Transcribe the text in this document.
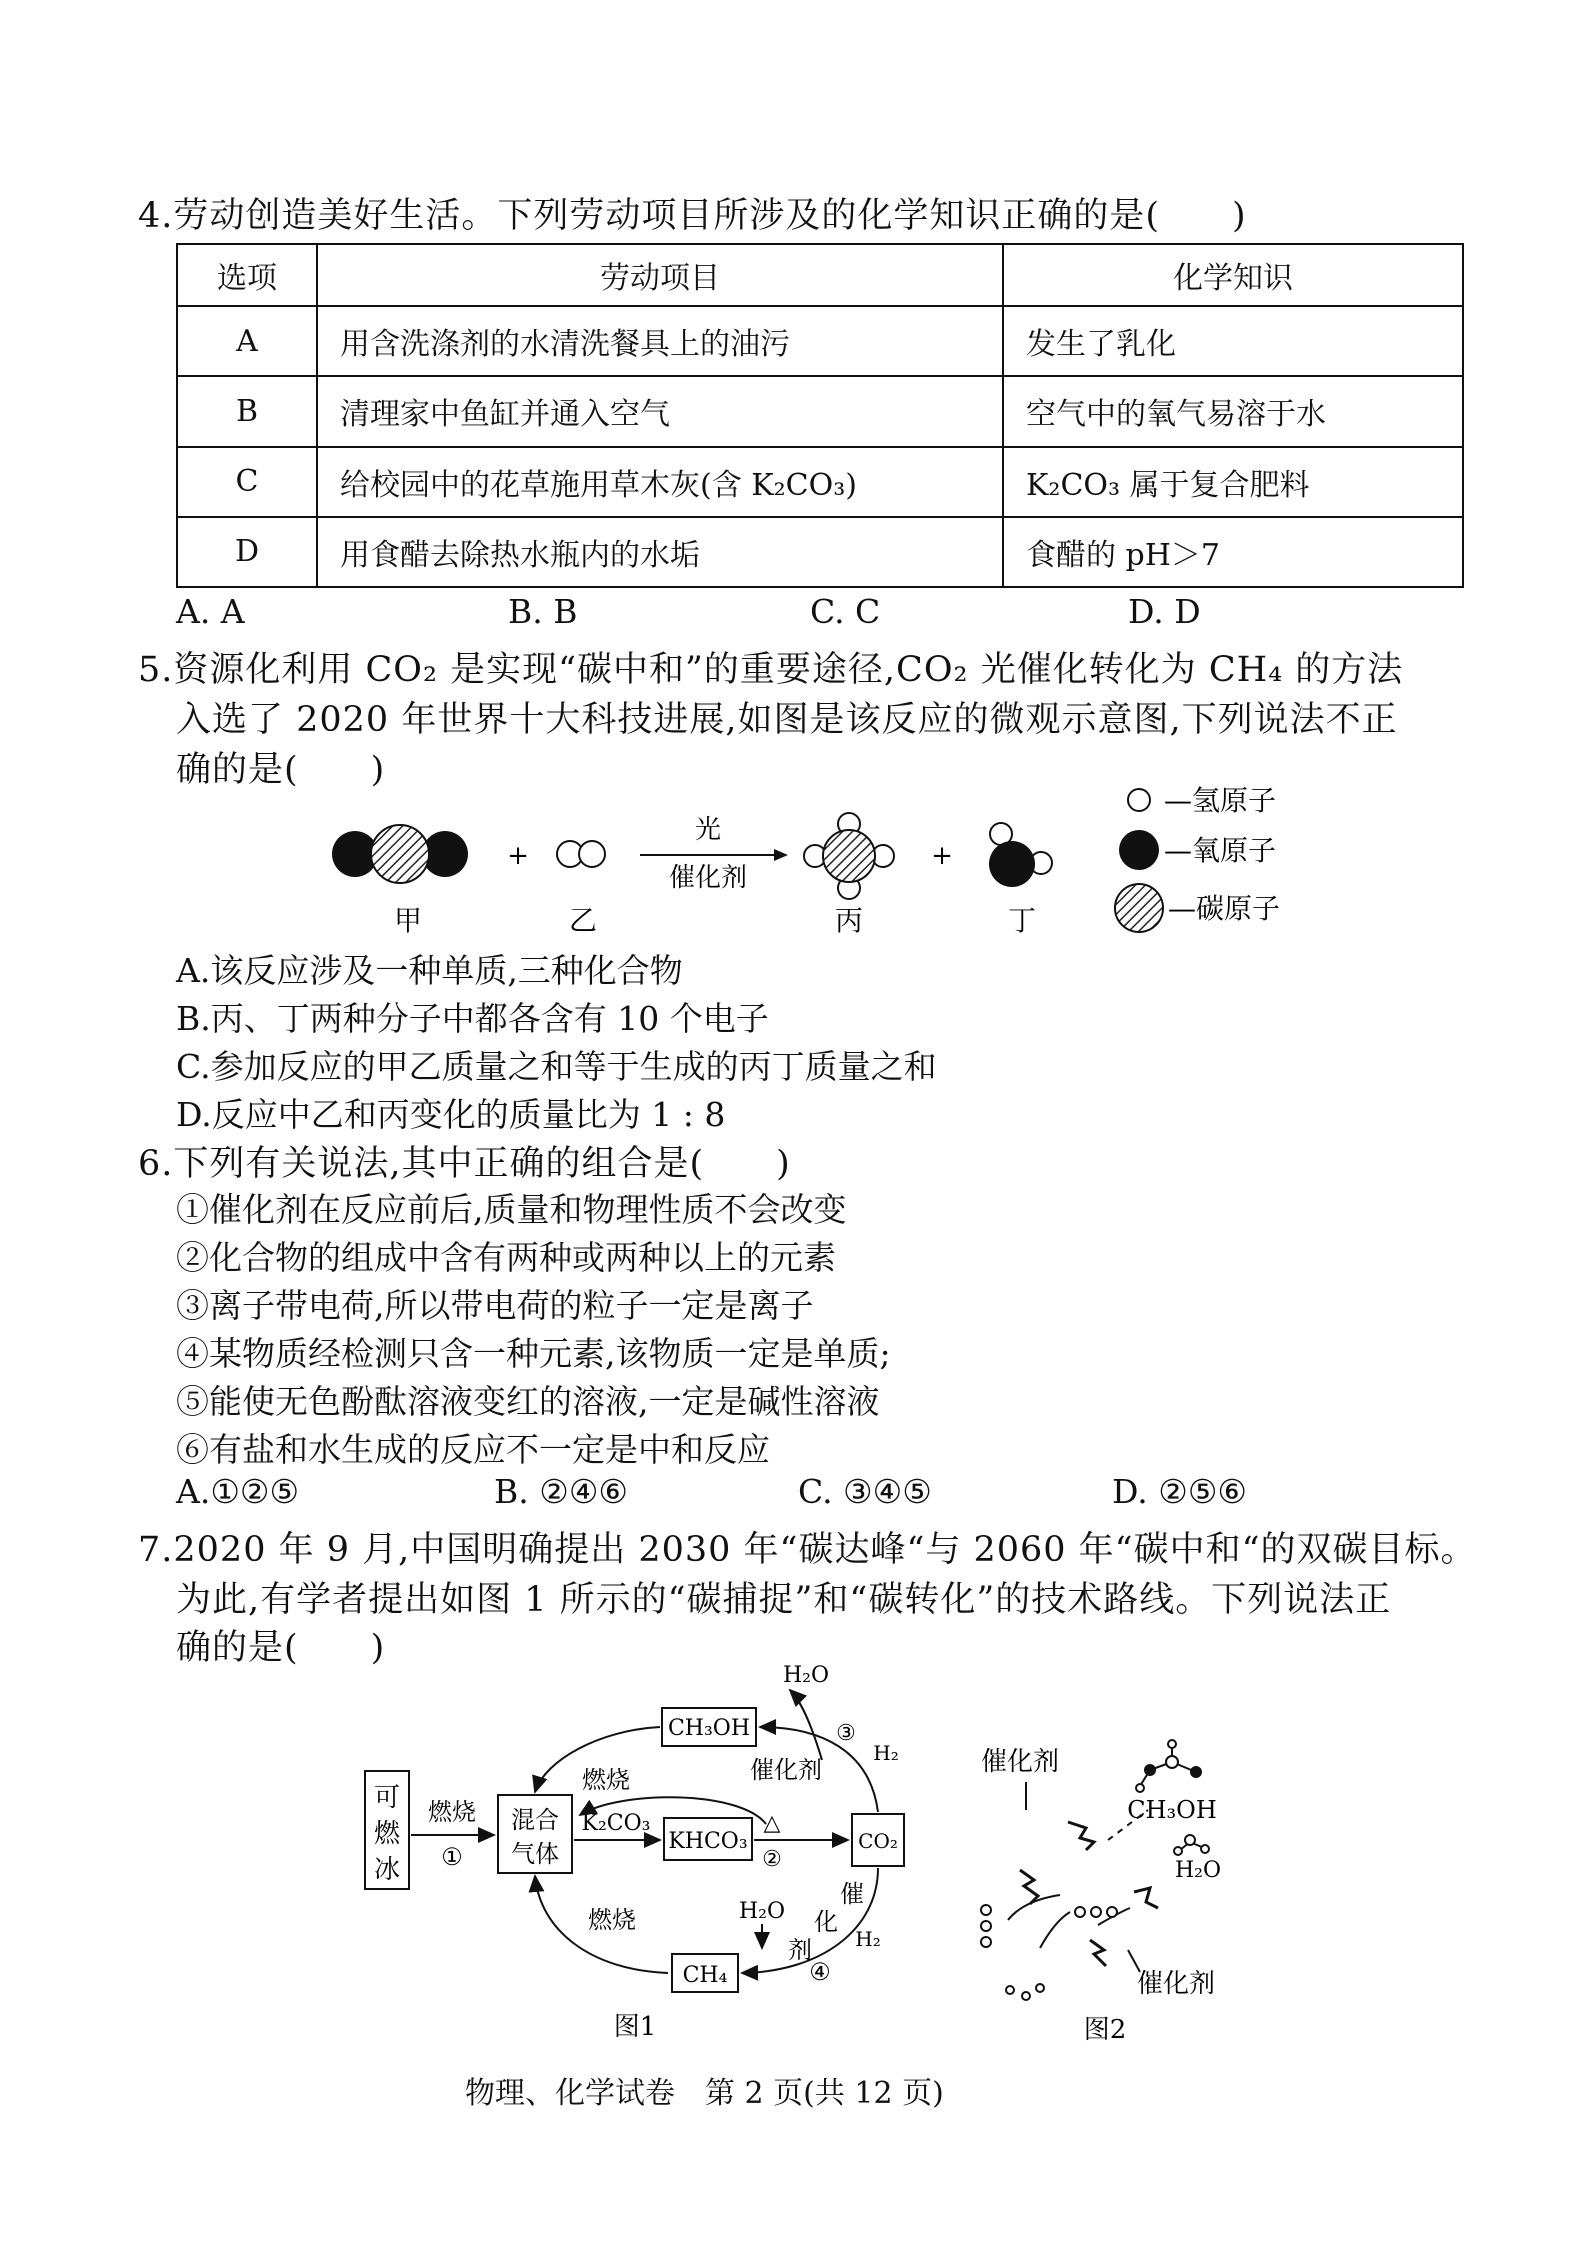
4.劳动创造美好生活。下列劳动项目所涉及的化学知识正确的是(　　)
选项	劳动项目	化学知识
A	用含洗涤剂的水清洗餐具上的油污	发生了乳化
B	清理家中鱼缸并通入空气	空气中的氧气易溶于水
C	给校园中的花草施用草木灰(含 K₂CO₃)	K₂CO₃ 属于复合肥料
D	用食醋去除热水瓶内的水垢	食醋的 pH＞7
A. A	B. B	C. C	D. D
5.资源化利用 CO₂ 是实现“碳中和”的重要途径,CO₂ 光催化转化为 CH₄ 的方法
入选了 2020 年世界十大科技进展,如图是该反应的微观示意图,下列说法不正
确的是(　　)
+
光
催化剂
+
—氢原子
—氧原子
—碳原子
甲	乙	丙	丁
A.该反应涉及一种单质,三种化合物
B.丙、丁两种分子中都各含有 10 个电子
C.参加反应的甲乙质量之和等于生成的丙丁质量之和
D.反应中乙和丙变化的质量比为 1 : 8
6.下列有关说法,其中正确的组合是(　　)
①催化剂在反应前后,质量和物理性质不会改变
②化合物的组成中含有两种或两种以上的元素
③离子带电荷,所以带电荷的粒子一定是离子
④某物质经检测只含一种元素,该物质一定是单质;
⑤能使无色酚酞溶液变红的溶液,一定是碱性溶液
⑥有盐和水生成的反应不一定是中和反应
A.①②⑤	B. ②④⑥	C. ③④⑤	D. ②⑤⑥
7.2020 年 9 月,中国明确提出 2030 年“碳达峰“与 2060 年“碳中和“的双碳目标。
为此,有学者提出如图 1 所示的“碳捕捉”和“碳转化”的技术路线。下列说法正
确的是(　　)
可
燃
冰
燃烧
①
混合
气体
K₂CO₃
KHCO₃
△
②
CO₂
CH₃OH
H₂O
③
H₂
催化剂
燃烧
CH₄
燃烧	H₂O
催
化
剂 H₂
④
图1
催化剂
CH₃OH
H₂O
催化剂
图2
物理、化学试卷　第 2 页(共 12 页)
